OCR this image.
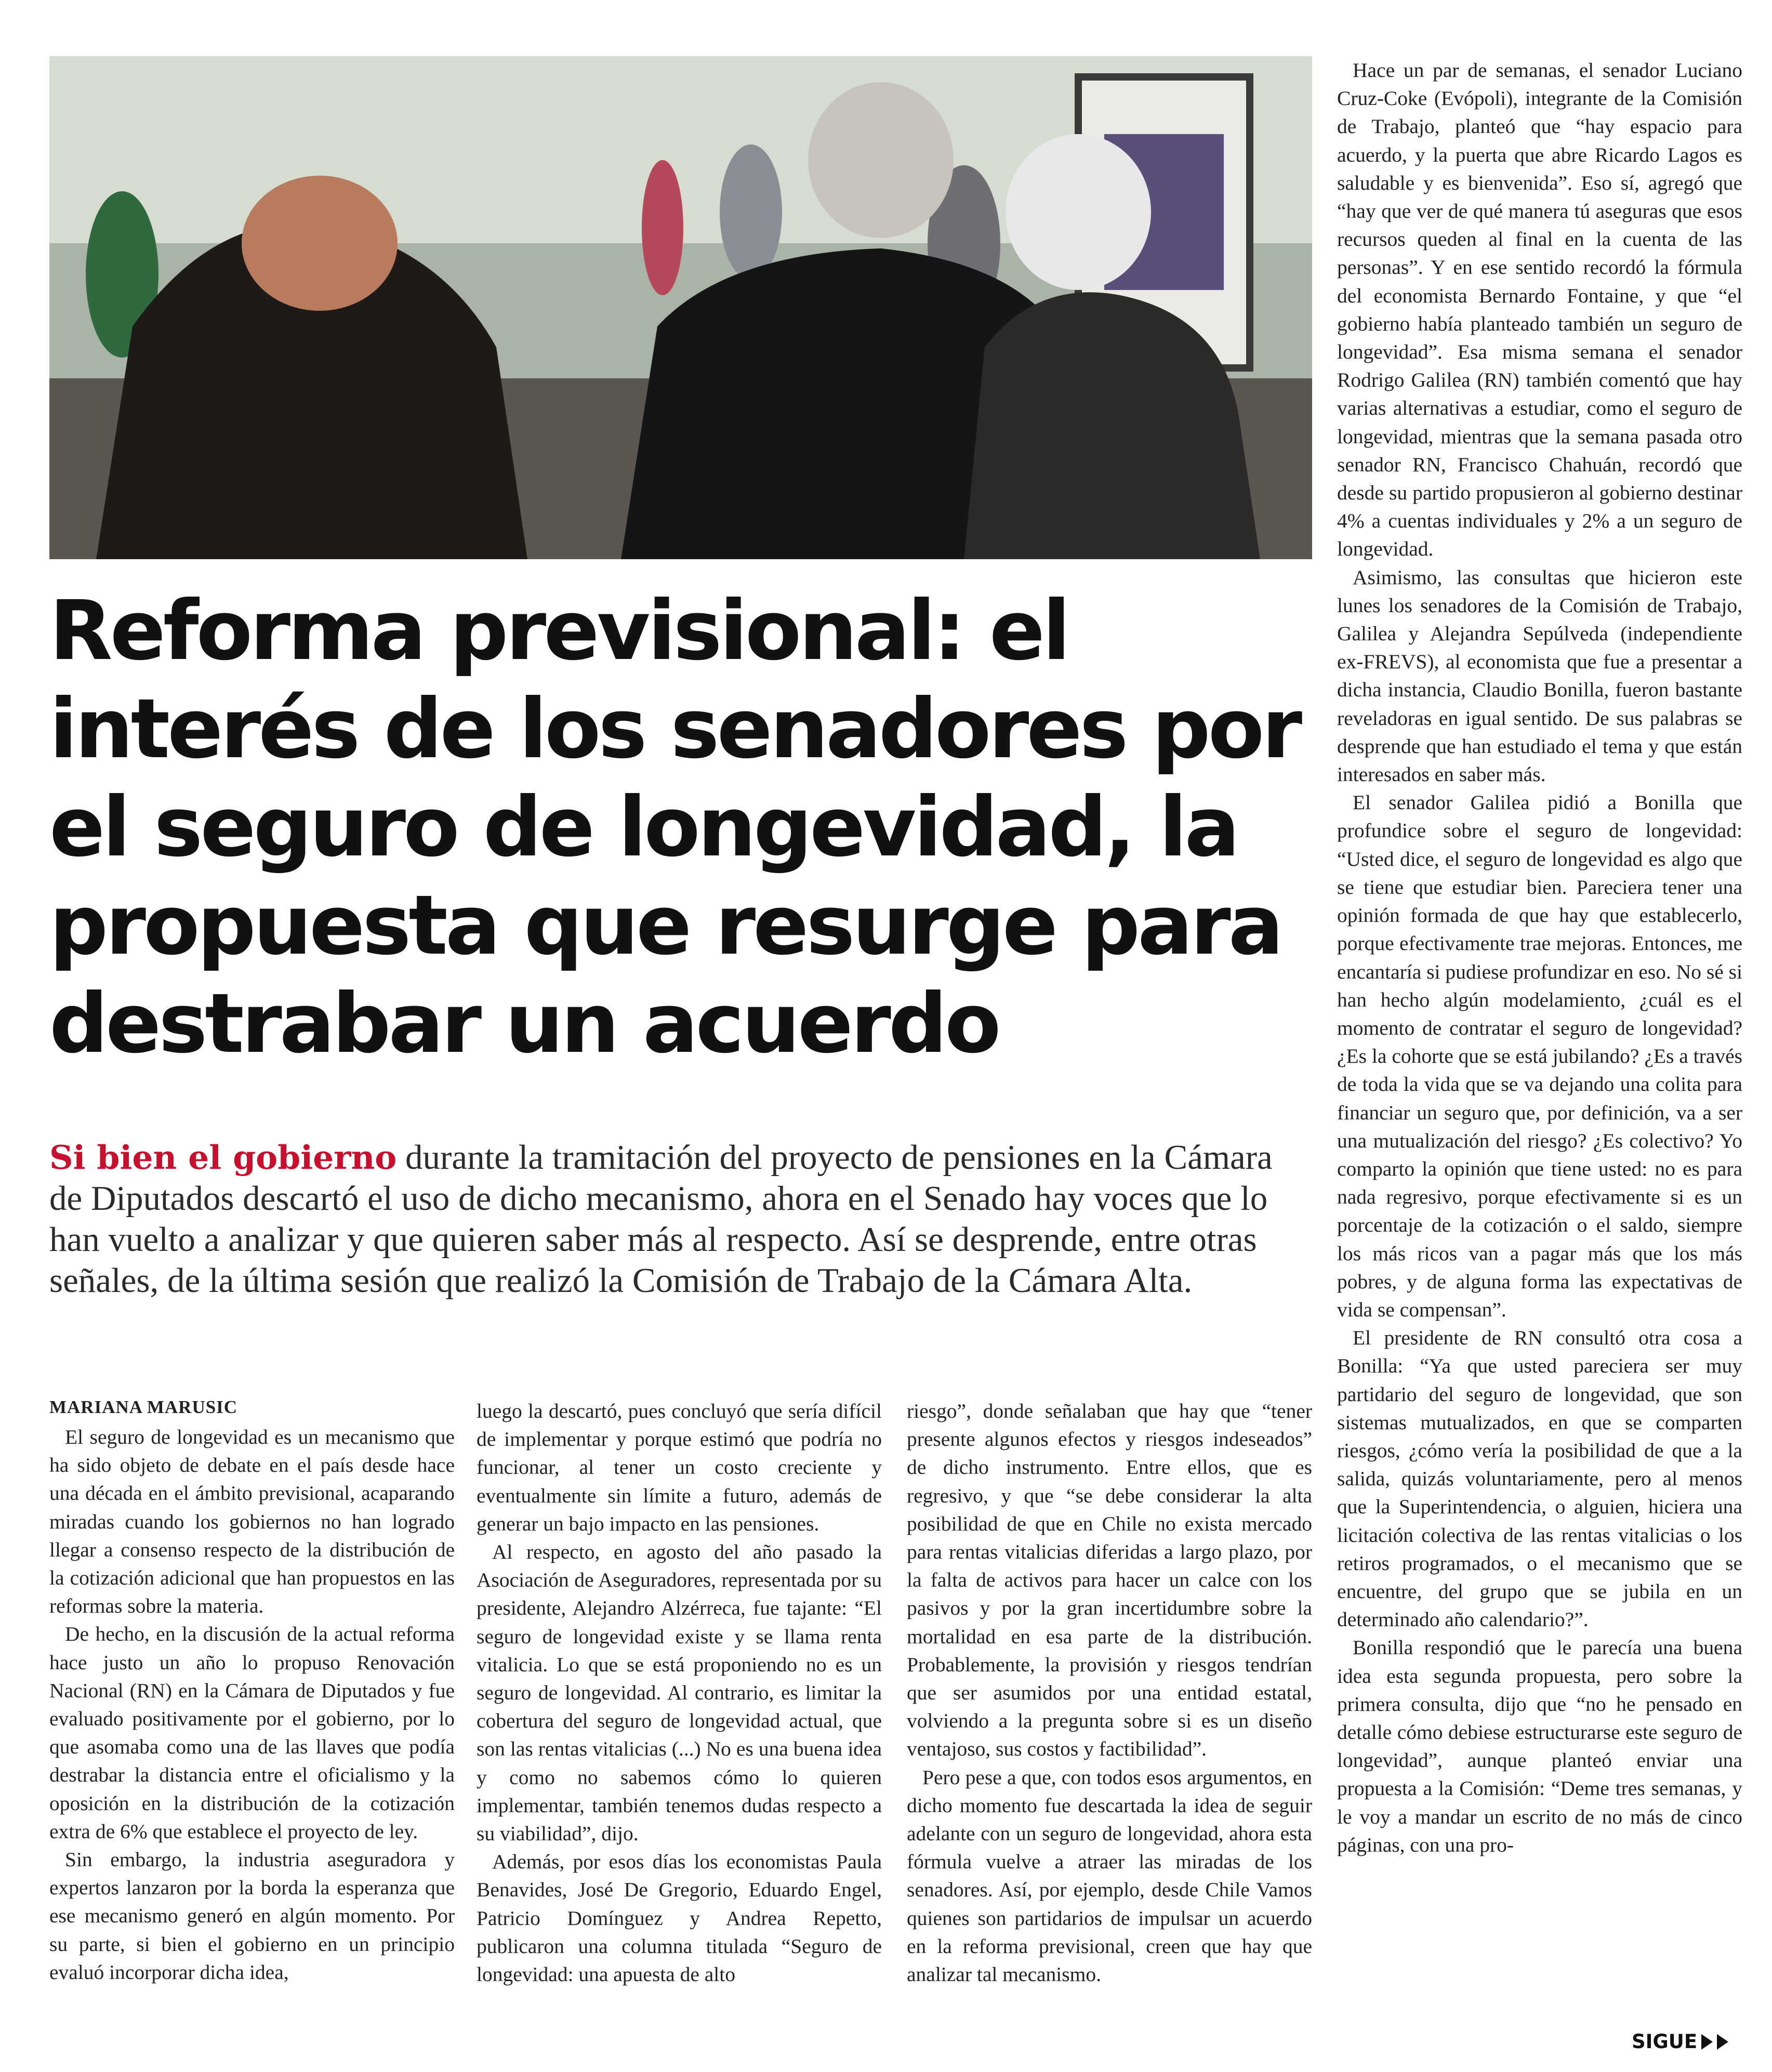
Reforma previsional: el interés de los senadores por el seguro de longevidad, la propuesta que resurge para destrabar un acuerdo

Si bien el gobierno durante la tramitación del proyecto de pensiones en la Cámara de Diputados descartó el uso de dicho mecanismo, ahora en el Senado hay voces que lo han vuelto a analizar y que quieren saber más al respecto. Así se desprende, entre otras señales, de la última sesión que realizó la Comisión de Trabajo de la Cámara Alta.

MARIANA MARUSIC

El seguro de longevidad es un mecanismo que ha sido objeto de debate en el país desde hace una década en el ámbito previsional, acaparando miradas cuando los gobiernos no han logrado llegar a consenso respecto de la distribución de la cotización adicional que han propuestos en las reformas sobre la materia.

De hecho, en la discusión de la actual reforma hace justo un año lo propuso Renovación Nacional (RN) en la Cámara de Diputados y fue evaluado positivamente por el gobierno, por lo que asomaba como una de las llaves que podía destrabar la distancia entre el oficialismo y la oposición en la distribución de la cotización extra de 6% que establece el proyecto de ley.

Sin embargo, la industria aseguradora y expertos lanzaron por la borda la esperanza que ese mecanismo generó en algún momento. Por su parte, si bien el gobierno en un principio evaluó incorporar dicha idea,

luego la descartó, pues concluyó que sería difícil de implementar y porque estimó que podría no funcionar, al tener un costo creciente y eventualmente sin límite a futuro, además de generar un bajo impacto en las pensiones.

Al respecto, en agosto del año pasado la Asociación de Aseguradores, representada por su presidente, Alejandro Alzérreca, fue tajante: “El seguro de longevidad existe y se llama renta vitalicia. Lo que se está proponiendo no es un seguro de longevidad. Al contrario, es limitar la cobertura del seguro de longevidad actual, que son las rentas vitalicias (...) No es una buena idea y como no sabemos cómo lo quieren implementar, también tenemos dudas respecto a su viabilidad”, dijo.

Además, por esos días los economistas Paula Benavides, José De Gregorio, Eduardo Engel, Patricio Domínguez y Andrea Repetto, publicaron una columna titulada “Seguro de longevidad: una apuesta de alto

riesgo”, donde señalaban que hay que “tener presente algunos efectos y riesgos indeseados” de dicho instrumento. Entre ellos, que es regresivo, y que “se debe considerar la alta posibilidad de que en Chile no exista mercado para rentas vitalicias diferidas a largo plazo, por la falta de activos para hacer un calce con los pasivos y por la gran incertidumbre sobre la mortalidad en esa parte de la distribución. Probablemente, la provisión y riesgos tendrían que ser asumidos por una entidad estatal, volviendo a la pregunta sobre si es un diseño ventajoso, sus costos y factibilidad”.

Pero pese a que, con todos esos argumentos, en dicho momento fue descartada la idea de seguir adelante con un seguro de longevidad, ahora esta fórmula vuelve a atraer las miradas de los senadores. Así, por ejemplo, desde Chile Vamos quienes son partidarios de impulsar un acuerdo en la reforma previsional, creen que hay que analizar tal mecanismo.

Hace un par de semanas, el senador Luciano Cruz-Coke (Evópoli), integrante de la Comisión de Trabajo, planteó que “hay espacio para acuerdo, y la puerta que abre Ricardo Lagos es saludable y es bienvenida”. Eso sí, agregó que “hay que ver de qué manera tú aseguras que esos recursos queden al final en la cuenta de las personas”. Y en ese sentido recordó la fórmula del economista Bernardo Fontaine, y que “el gobierno había planteado también un seguro de longevidad”. Esa misma semana el senador Rodrigo Galilea (RN) también comentó que hay varias alternativas a estudiar, como el seguro de longevidad, mientras que la semana pasada otro senador RN, Francisco Chahuán, recordó que desde su partido propusieron al gobierno destinar 4% a cuentas individuales y 2% a un seguro de longevidad.

Asimismo, las consultas que hicieron este lunes los senadores de la Comisión de Trabajo, Galilea y Alejandra Sepúlveda (independiente ex-FREVS), al economista que fue a presentar a dicha instancia, Claudio Bonilla, fueron bastante reveladoras en igual sentido. De sus palabras se desprende que han estudiado el tema y que están interesados en saber más.

El senador Galilea pidió a Bonilla que profundice sobre el seguro de longevidad: “Usted dice, el seguro de longevidad es algo que se tiene que estudiar bien. Pareciera tener una opinión formada de que hay que establecerlo, porque efectivamente trae mejoras. Entonces, me encantaría si pudiese profundizar en eso. No sé si han hecho algún modelamiento, ¿cuál es el momento de contratar el seguro de longevidad? ¿Es la cohorte que se está jubilando? ¿Es a través de toda la vida que se va dejando una colita para financiar un seguro que, por definición, va a ser una mutualización del riesgo? ¿Es colectivo? Yo comparto la opinión que tiene usted: no es para nada regresivo, porque efectivamente si es un porcentaje de la cotización o el saldo, siempre los más ricos van a pagar más que los más pobres, y de alguna forma las expectativas de vida se compensan”.

El presidente de RN consultó otra cosa a Bonilla: “Ya que usted pareciera ser muy partidario del seguro de longevidad, que son sistemas mutualizados, en que se comparten riesgos, ¿cómo vería la posibilidad de que a la salida, quizás voluntariamente, pero al menos que la Superintendencia, o alguien, hiciera una licitación colectiva de las rentas vitalicias o los retiros programados, o el mecanismo que se encuentre, del grupo que se jubila en un determinado año calendario?”.

Bonilla respondió que le parecía una buena idea esta segunda propuesta, pero sobre la primera consulta, dijo que “no he pensado en detalle cómo debiese estructurarse este seguro de longevidad”, aunque planteó enviar una propuesta a la Comisión: “Deme tres semanas, y le voy a mandar un escrito de no más de cinco páginas, con una pro-

SIGUE
